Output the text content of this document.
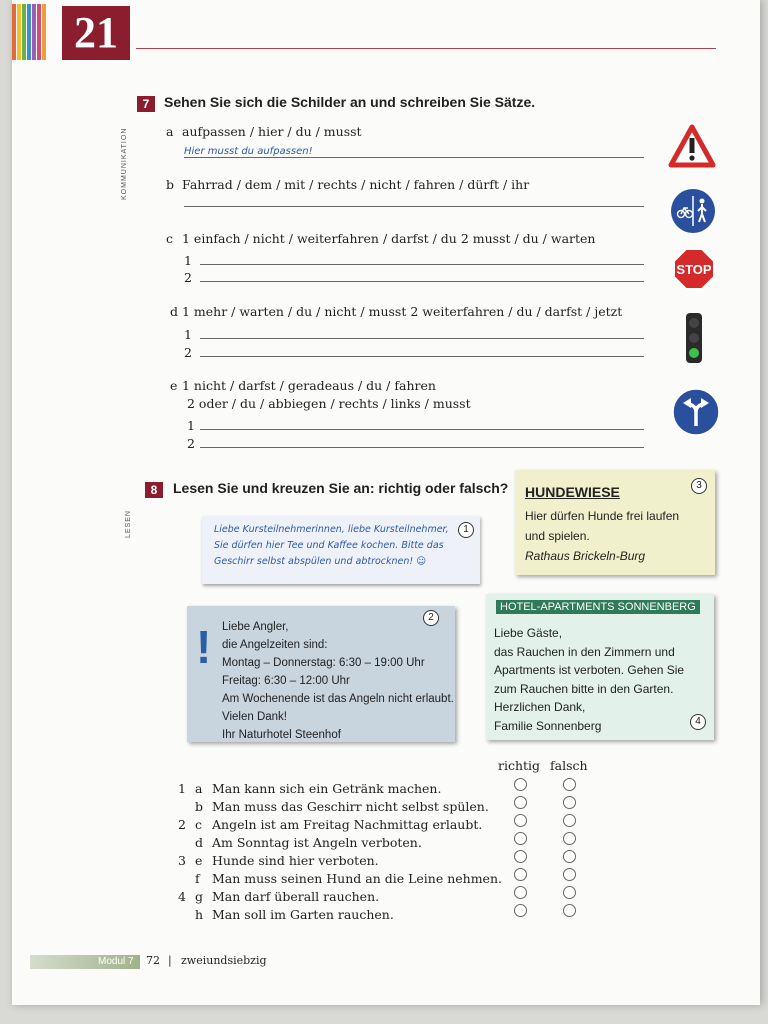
21
KOMMUNIKATION
LESEN
7	Sehen Sie sich die Schilder an und schreiben Sie Sätze.
a aufpassen / hier / du / musst
Hier musst du aufpassen!
b Fahrrad / dem / mit / rechts / nicht / fahren / dürft / ihr
c 1 einfach / nicht / weiterfahren / darfst / du 2 musst / du / warten
1
2
d 1 mehr / warten / du / nicht / musst 2 weiterfahren / du / darfst / jetzt
1
2
e 1 nicht / darfst / geradeaus / du / fahren
2 oder / du / abbiegen / rechts / links / musst
1
2
STOP
8	Lesen Sie und kreuzen Sie an: richtig oder falsch?
Liebe Kursteilnehmerinnen, liebe Kursteilnehmer,
Sie dürfen hier Tee und Kaffee kochen. Bitte das
Geschirr selbst abspülen und abtrocknen! ☺
1
! Liebe Angler,
die Angelzeiten sind:
Montag – Donnerstag: 6:30 – 19:00 Uhr
Freitag: 6:30 – 12:00 Uhr
Am Wochenende ist das Angeln nicht erlaubt.
Vielen Dank!
Ihr Naturhotel Steenhof
2
HUNDEWIESE
Hier dürfen Hunde frei laufen
und spielen.
Rathaus Brickeln-Burg
3
HOTEL-APARTMENTS SONNENBERG
Liebe Gäste,
das Rauchen in den Zimmern und
Apartments ist verboten. Gehen Sie
zum Rauchen bitte in den Garten.
Herzlichen Dank,
Familie Sonnenberg	4
richtig falsch
1 a Man kann sich ein Getränk machen.
b Man muss das Geschirr nicht selbst spülen.
2 c Angeln ist am Freitag Nachmittag erlaubt.
d Am Sonntag ist Angeln verboten.
3 e Hunde sind hier verboten.
f Man muss seinen Hund an die Leine nehmen.
4 g Man darf überall rauchen.
h Man soll im Garten rauchen.
Modul 7 72 | zweiundsiebzig
